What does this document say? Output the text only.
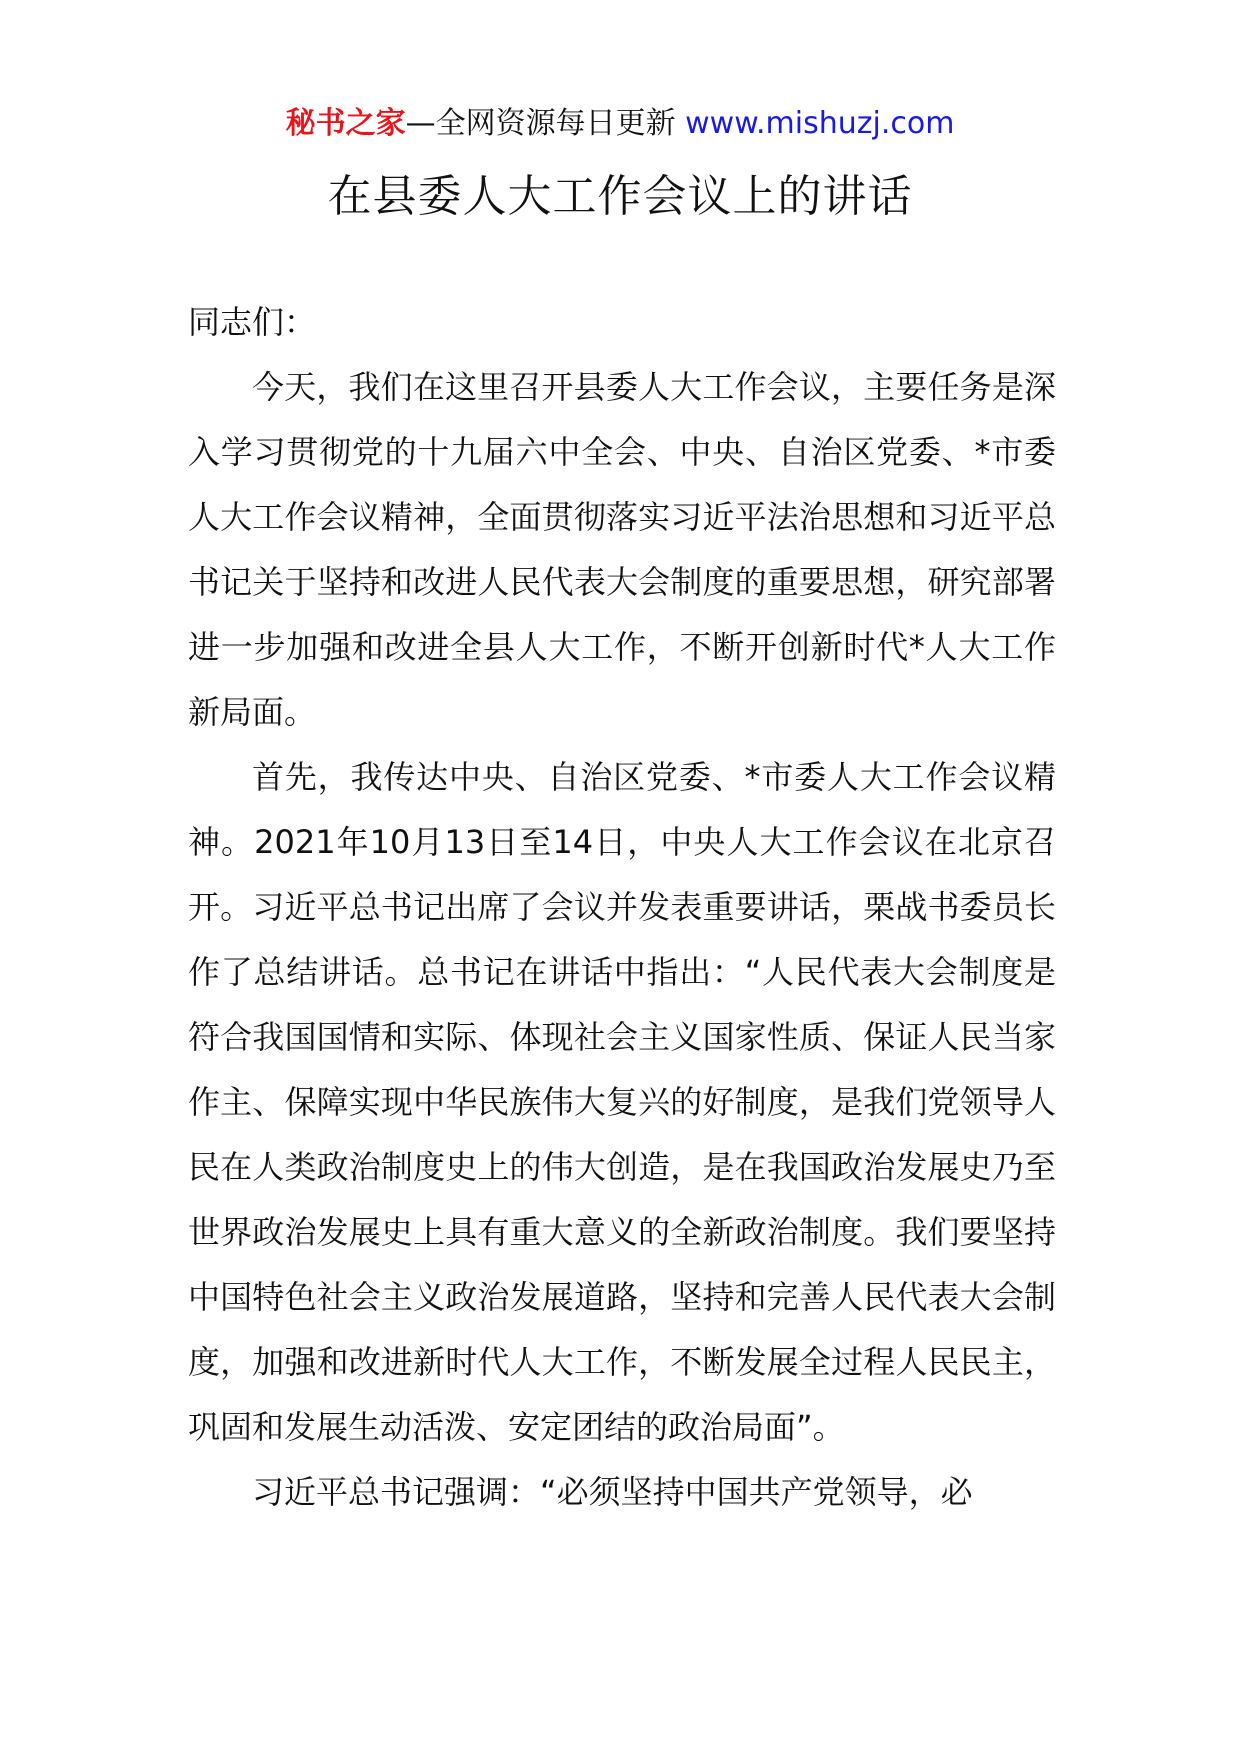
秘书之家—全网资源每日更新 www.mishuzj.com
在县委人大工作会议上的讲话

同志们：

今天，我们在这里召开县委人大工作会议，主要任务是深入学习贯彻党的十九届六中全会、中央、自治区党委、*市委人大工作会议精神，全面贯彻落实习近平法治思想和习近平总书记关于坚持和改进人民代表大会制度的重要思想，研究部署进一步加强和改进全县人大工作，不断开创新时代*人大工作新局面。

首先，我传达中央、自治区党委、*市委人大工作会议精神。2021年10月13日至14日，中央人大工作会议在北京召开。习近平总书记出席了会议并发表重要讲话，栗战书委员长作了总结讲话。总书记在讲话中指出：“人民代表大会制度是符合我国国情和实际、体现社会主义国家性质、保证人民当家作主、保障实现中华民族伟大复兴的好制度，是我们党领导人民在人类政治制度史上的伟大创造，是在我国政治发展史乃至世界政治发展史上具有重大意义的全新政治制度。我们要坚持中国特色社会主义政治发展道路，坚持和完善人民代表大会制度，加强和改进新时代人大工作，不断发展全过程人民民主，巩固和发展生动活泼、安定团结的政治局面”。

习近平总书记强调：“必须坚持中国共产党领导，必
